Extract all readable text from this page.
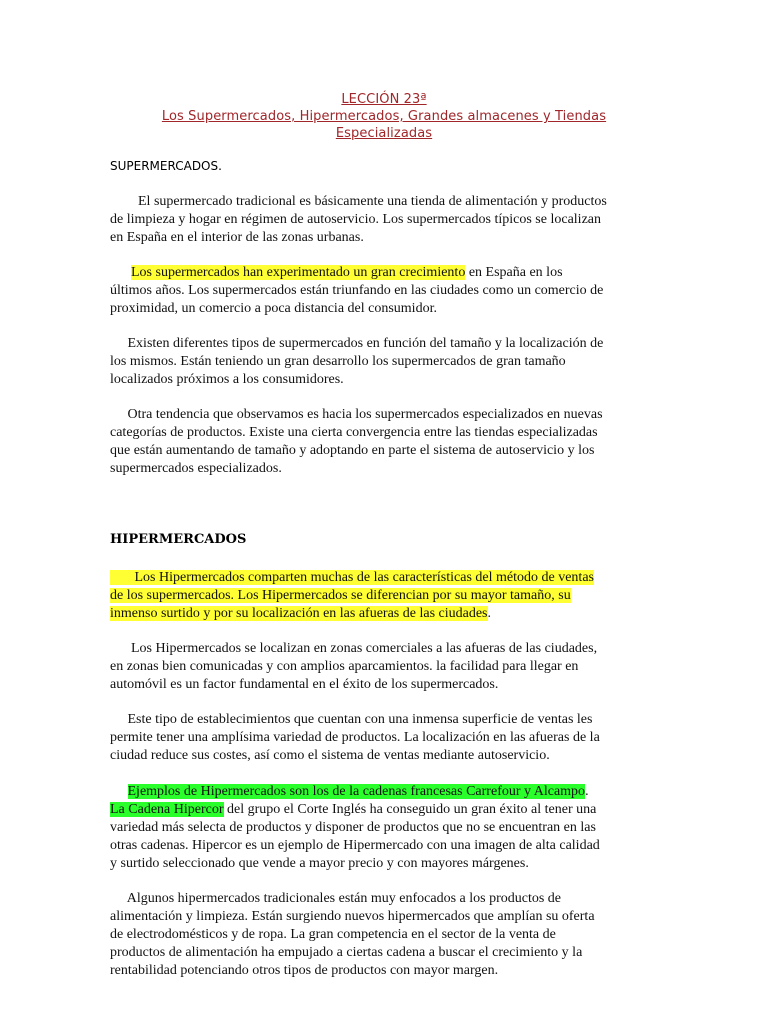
LECCIÓN 23ª
Los Supermercados, Hipermercados, Grandes almacenes y Tiendas
Especializadas
SUPERMERCADOS.
El supermercado tradicional es básicamente una tienda de alimentación y productos
de limpieza y hogar en régimen de autoservicio. Los supermercados típicos se localizan
en España en el interior de las zonas urbanas.
Los supermercados han experimentado un gran crecimiento en España en los
últimos años. Los supermercados están triunfando en las ciudades como un comercio de
proximidad, un comercio a poca distancia del consumidor.
Existen diferentes tipos de supermercados en función del tamaño y la localización de
los mismos. Están teniendo un gran desarrollo los supermercados de gran tamaño
localizados próximos a los consumidores.
Otra tendencia que observamos es hacia los supermercados especializados en nuevas
categorías de productos. Existe una cierta convergencia entre las tiendas especializadas
que están aumentando de tamaño y adoptando en parte el sistema de autoservicio y los
supermercados especializados.
HIPERMERCADOS
Los Hipermercados comparten muchas de las características del método de ventas
de los supermercados. Los Hipermercados se diferencian por su mayor tamaño, su
inmenso surtido y por su localización en las afueras de las ciudades.
Los Hipermercados se localizan en zonas comerciales a las afueras de las ciudades,
en zonas bien comunicadas y con amplios aparcamientos. la facilidad para llegar en
automóvil es un factor fundamental en el éxito de los supermercados.
Este tipo de establecimientos que cuentan con una inmensa superficie de ventas les
permite tener una amplísima variedad de productos. La localización en las afueras de la
ciudad reduce sus costes, así como el sistema de ventas mediante autoservicio.
Ejemplos de Hipermercados son los de la cadenas francesas Carrefour y Alcampo.
La Cadena Hipercor del grupo el Corte Inglés ha conseguido un gran éxito al tener una
variedad más selecta de productos y disponer de productos que no se encuentran en las
otras cadenas. Hipercor es un ejemplo de Hipermercado con una imagen de alta calidad
y surtido seleccionado que vende a mayor precio y con mayores márgenes.
Algunos hipermercados tradicionales están muy enfocados a los productos de
alimentación y limpieza. Están surgiendo nuevos hipermercados que amplían su oferta
de electrodomésticos y de ropa. La gran competencia en el sector de la venta de
productos de alimentación ha empujado a ciertas cadena a buscar el crecimiento y la
rentabilidad potenciando otros tipos de productos con mayor margen.
